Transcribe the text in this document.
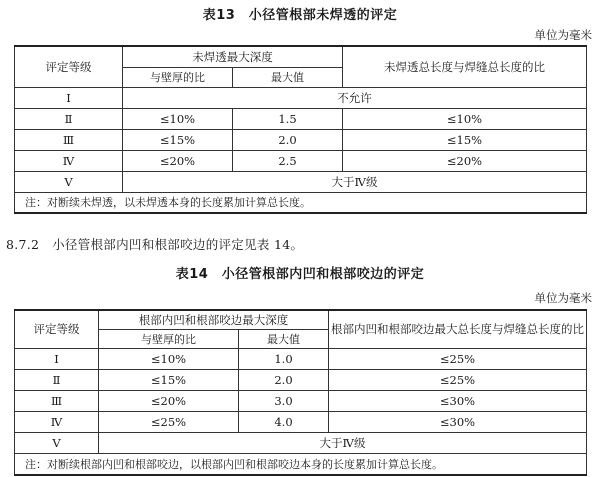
表13　小径管根部未焊透的评定
单位为毫米
评定等级	未焊透最大深度		未焊透总长度与焊缝总长度的比
	与壁厚的比	最大值	
Ⅰ	不允许		
Ⅱ	≤10%	1.5	≤10%
Ⅲ	≤15%	2.0	≤15%
Ⅳ	≤20%	2.5	≤20%
Ⅴ	大于Ⅳ级		
注：对断续未焊透，以未焊透本身的长度累加计算总长度。			
8.7.2　小径管根部内凹和根部咬边的评定见表 14。
表14　小径管根部内凹和根部咬边的评定
单位为毫米
评定等级	根部内凹和根部咬边最大深度		根部内凹和根部咬边最大总长度与焊缝总长度的比
	与壁厚的比	最大值	
Ⅰ	≤10%	1.0	≤25%
Ⅱ	≤15%	2.0	≤25%
Ⅲ	≤20%	3.0	≤30%
Ⅳ	≤25%	4.0	≤30%
Ⅴ	大于Ⅳ级		
注：对断续根部内凹和根部咬边，以根部内凹和根部咬边本身的长度累加计算总长度。			
